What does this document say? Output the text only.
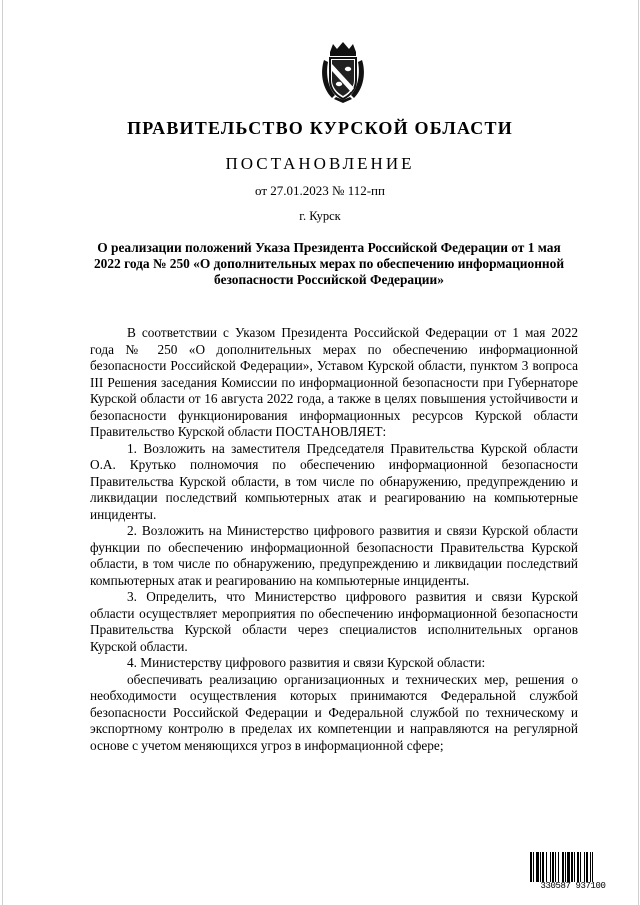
ПРАВИТЕЛЬСТВО КУРСКОЙ ОБЛАСТИ
ПОСТАНОВЛЕНИЕ
от 27.01.2023 № 112-пп
г. Курск
О реализации положений Указа Президента Российской Федерации от 1 мая 2022 года № 250 «О дополнительных мерах по обеспечению информационной безопасности Российской Федерации»

В соответствии с Указом Президента Российской Федерации от 1 мая 2022 года № 250 «О дополнительных мерах по обеспечению информационной безопасности Российской Федерации», Уставом Курской области, пунктом 3 вопроса III Решения заседания Комиссии по информационной безопасности при Губернаторе Курской области от 16 августа 2022 года, а также в целях повышения устойчивости и безопасности функционирования информационных ресурсов Курской области Правительство Курской области ПОСТАНОВЛЯЕТ:

1. Возложить на заместителя Председателя Правительства Курской области О.А. Крутько полномочия по обеспечению информационной безопасности Правительства Курской области, в том числе по обнаружению, предупреждению и ликвидации последствий компьютерных атак и реагированию на компьютерные инциденты.

2. Возложить на Министерство цифрового развития и связи Курской области функции по обеспечению информационной безопасности Правительства Курской области, в том числе по обнаружению, предупреждению и ликвидации последствий компьютерных атак и реагированию на компьютерные инциденты.

3. Определить, что Министерство цифрового развития и связи Курской области осуществляет мероприятия по обеспечению информационной безопасности Правительства Курской области через специалистов исполнительных органов Курской области.

4. Министерству цифрового развития и связи Курской области:

обеспечивать реализацию организационных и технических мер, решения о необходимости осуществления которых принимаются Федеральной службой безопасности Российской Федерации и Федеральной службой по техническому и экспортному контролю в пределах их компетенции и направляются на регулярной основе с учетом меняющихся угроз в информационной сфере;

330587 937100
